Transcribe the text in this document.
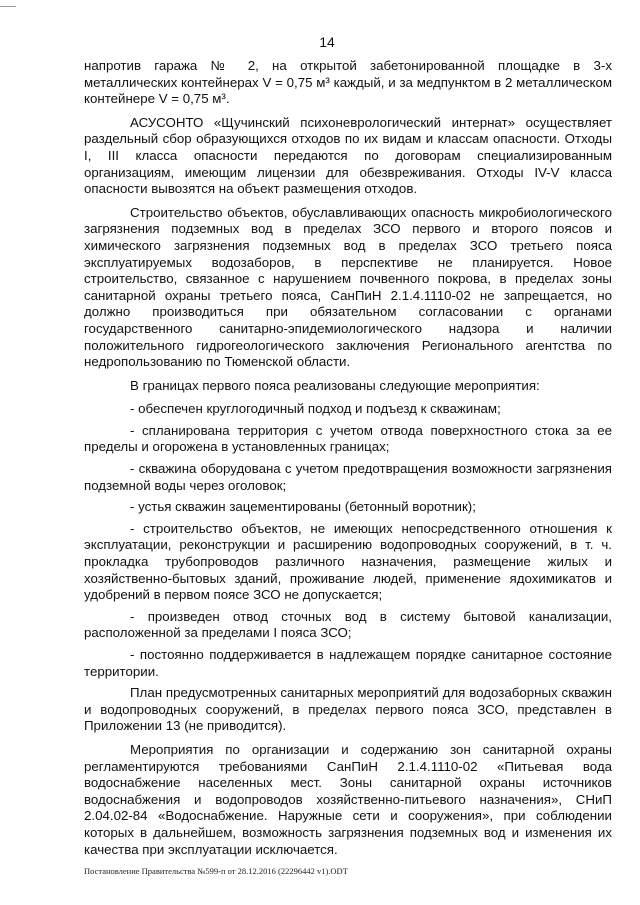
14

напротив гаража № 2, на открытой забетонированной площадке в 3-х металлических контейнерах V = 0,75 м³ каждый, и за медпунктом в 2 металлическом контейнере V = 0,75 м³.

АСУСОНТО «Щучинский психоневрологический интернат» осуществляет раздельный сбор образующихся отходов по их видам и классам опасности. Отходы I, III класса опасности передаются по договорам специализированным организациям, имеющим лицензии для обезвреживания. Отходы IV-V класса опасности вывозятся на объект размещения отходов.

Строительство объектов, обуславливающих опасность микробиологического загрязнения подземных вод в пределах ЗСО первого и второго поясов и химического загрязнения подземных вод в пределах ЗСО третьего пояса эксплуатируемых водозаборов, в перспективе не планируется. Новое строительство, связанное с нарушением почвенного покрова, в пределах зоны санитарной охраны третьего пояса, СанПиН 2.1.4.1110-02 не запрещается, но должно производиться при обязательном согласовании с органами государственного санитарно-эпидемиологического надзора и наличии положительного гидрогеологического заключения Регионального агентства по недропользованию по Тюменской области.

В границах первого пояса реализованы следующие мероприятия:

- обеспечен круглогодичный подход и подъезд к скважинам;

- спланирована территория с учетом отвода поверхностного стока за ее пределы и огорожена в установленных границах;

- скважина оборудована с учетом предотвращения возможности загрязнения подземной воды через оголовок;

- устья скважин зацементированы (бетонный воротник);

- строительство объектов, не имеющих непосредственного отношения к эксплуатации, реконструкции и расширению водопроводных сооружений, в т. ч. прокладка трубопроводов различного назначения, размещение жилых и хозяйственно-бытовых зданий, проживание людей, применение ядохимикатов и удобрений в первом поясе ЗСО не допускается;

- произведен отвод сточных вод в систему бытовой канализации, расположенной за пределами I пояса ЗСО;

- постоянно поддерживается в надлежащем порядке санитарное состояние территории.

План предусмотренных санитарных мероприятий для водозаборных скважин и водопроводных сооружений, в пределах первого пояса ЗСО, представлен в Приложении 13 (не приводится).

Мероприятия по организации и содержанию зон санитарной охраны регламентируются требованиями СанПиН 2.1.4.1110-02 «Питьевая вода водоснабжение населенных мест. Зоны санитарной охраны источников водоснабжения и водопроводов хозяйственно-питьевого назначения», СНиП 2.04.02-84 «Водоснабжение. Наружные сети и сооружения», при соблюдении которых в дальнейшем, возможность загрязнения подземных вод и изменения их качества при эксплуатации исключается.

Постановление Правительства №599-п от 28.12.2016 (22296442 v1).ODT
